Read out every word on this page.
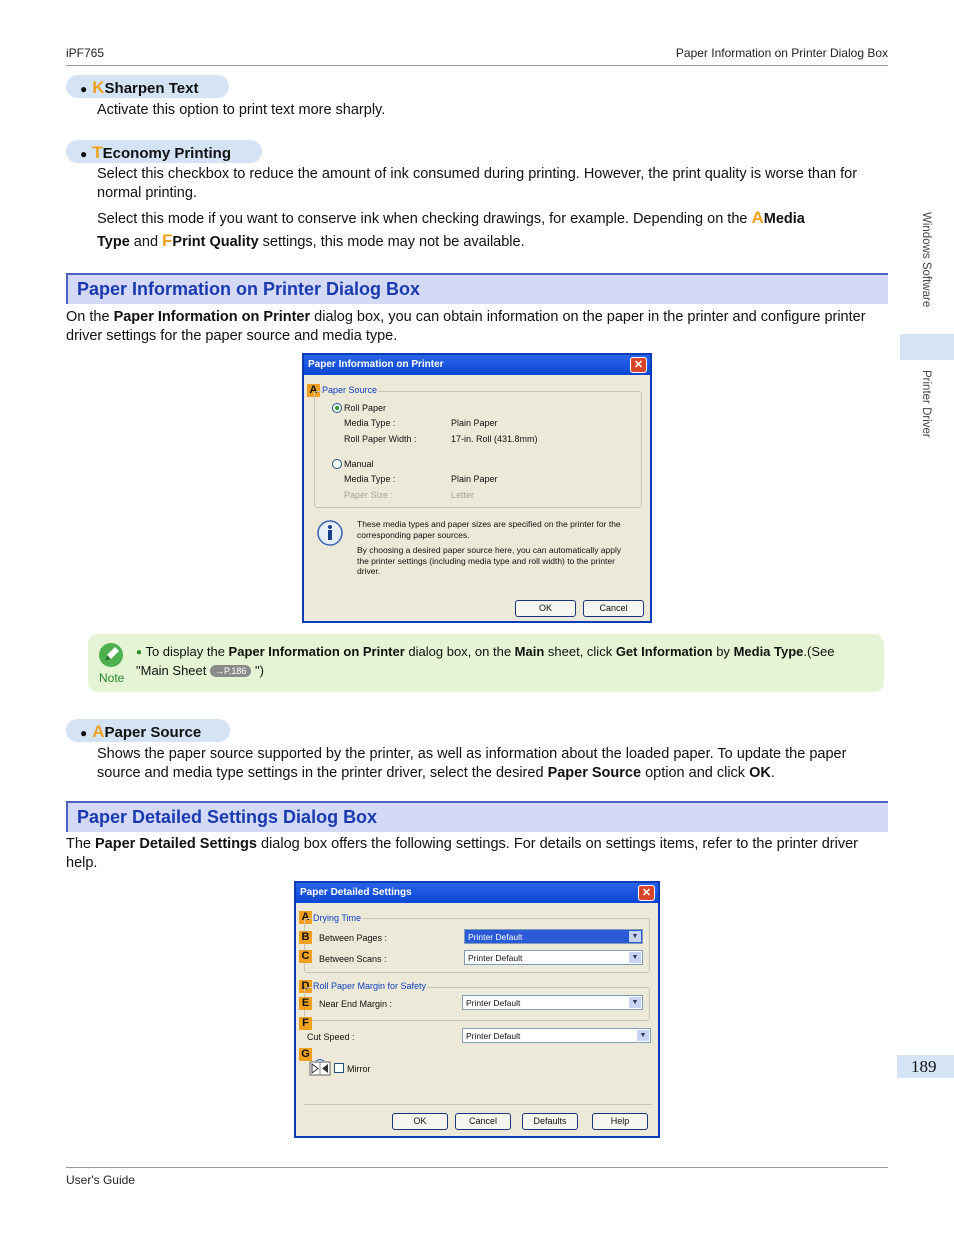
iPF765	Paper Information on Printer Dialog Box
Windows Software
Printer Driver
189
● KSharpen Text
Activate this option to print text more sharply.
● TEconomy Printing
Select this checkbox to reduce the amount of ink consumed during printing. However, the print quality is worse than for normal printing.
Select this mode if you want to conserve ink when checking drawings, for example. Depending on the AMedia
Type and FPrint Quality settings, this mode may not be available.
Paper Information on Printer Dialog Box
On the Paper Information on Printer dialog box, you can obtain information on the paper in the printer and configure printer driver settings for the paper source and media type.
Paper Information on Printer	✕
A Paper Source
Roll Paper
Media Type :	Plain Paper
Roll Paper Width :	17-in. Roll (431.8mm)
Manual
Media Type :	Plain Paper
Paper Size :	Letter
These media types and paper sizes are specified on the printer for the corresponding paper sources.
By choosing a desired paper source here, you can automatically apply the printer settings (including media type and roll width) to the printer driver.
OK	Cancel
Note
● To display the Paper Information on Printer dialog box, on the Main sheet, click Get Information by Media Type.(See "Main Sheet →P.186 ")
● APaper Source
Shows the paper source supported by the printer, as well as information about the loaded paper. To update the paper source and media type settings in the printer driver, select the desired Paper Source option and click OK.
Paper Detailed Settings Dialog Box
The Paper Detailed Settings dialog box offers the following settings. For details on settings items, refer to the printer driver help.
Paper Detailed Settings	✕
A Drying Time
B Between Pages :	Printer Default	▼
C Between Scans :	Printer Default	▼
D Roll Paper Margin for Safety
E	Near End Margin :	Printer Default	▼
F
Cut Speed :	Printer Default	▼
G
Mirror
OK	Cancel	Defaults	Help
User's Guide
